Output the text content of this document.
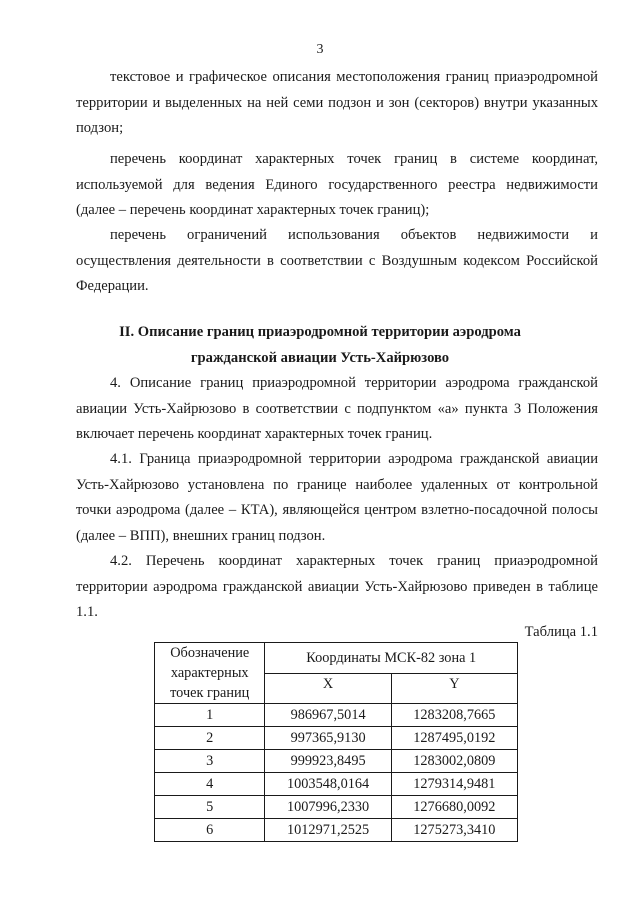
3
текстовое и графическое описания местоположения границ приаэродромной территории и выделенных на ней семи подзон и зон (секторов) внутри указанных подзон;
перечень координат характерных точек границ в системе координат, используемой для ведения Единого государственного реестра недвижимости (далее – перечень координат характерных точек границ);
перечень ограничений использования объектов недвижимости и осуществления деятельности в соответствии с Воздушным кодексом Российской Федерации.
II. Описание границ приаэродромной территории аэродрома
гражданской авиации Усть-Хайрюзово
4. Описание границ приаэродромной территории аэродрома гражданской авиации Усть-Хайрюзово в соответствии с подпунктом «а» пункта 3 Положения включает перечень координат характерных точек границ.
4.1. Граница приаэродромной территории аэродрома гражданской авиации Усть-Хайрюзово установлена по границе наиболее удаленных от контрольной точки аэродрома (далее – КТА), являющейся центром взлетно-посадочной полосы (далее – ВПП), внешних границ подзон.
4.2. Перечень координат характерных точек границ приаэродромной территории аэродрома гражданской авиации Усть-Хайрюзово приведен в таблице 1.1.
Таблица 1.1
Обозначение характерных точек границ	Координаты МСК-82 зона 1	
	X	Y
1	986967,5014	1283208,7665
2	997365,9130	1287495,0192
3	999923,8495	1283002,0809
4	1003548,0164	1279314,9481
5	1007996,2330	1276680,0092
6	1012971,2525	1275273,3410
